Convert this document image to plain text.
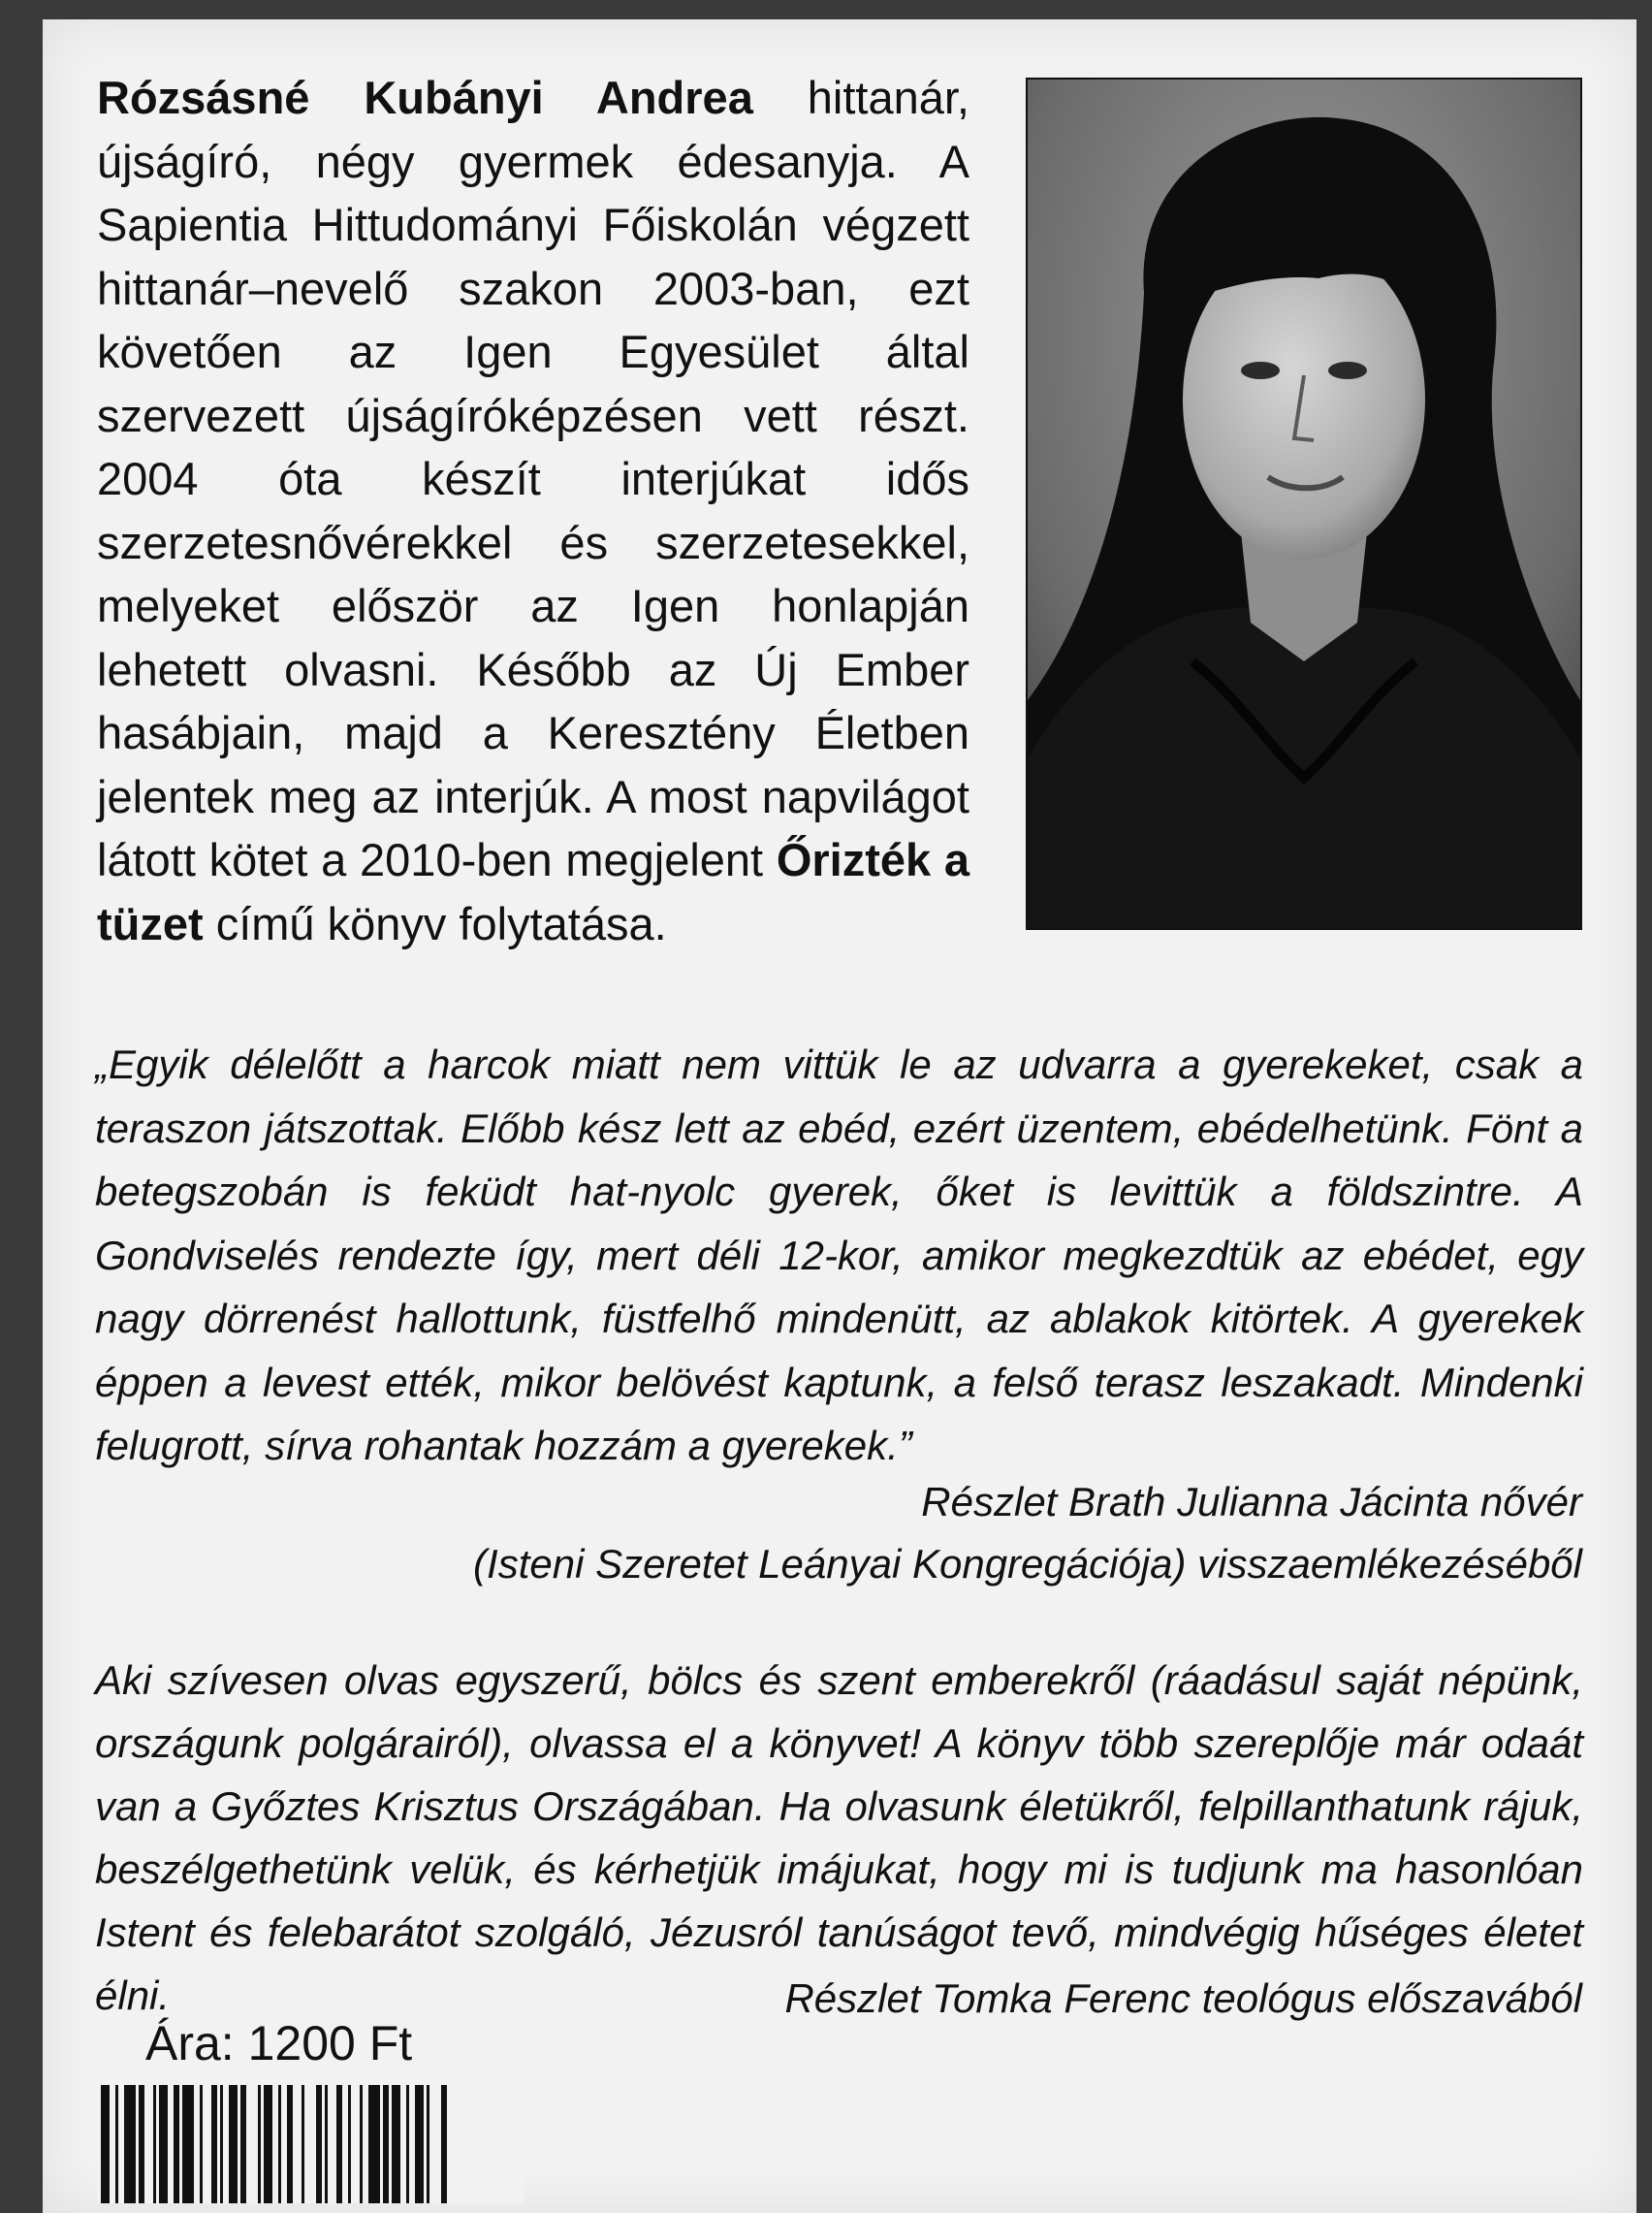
Rózsásné Kubányi Andrea hittanár, újságíró, négy gyermek édesanyja. A Sapientia Hittudományi Főiskolán végzett hittanár–nevelő szakon 2003-ban, ezt követően az Igen Egyesület által szervezett újságíróképzésen vett részt. 2004 óta készít interjúkat idős szerzetesnővérekkel és szerzetesekkel, melyeket először az Igen honlapján lehetett olvasni. Később az Új Ember hasábjain, majd a Keresztény Életben jelentek meg az interjúk. A most napvilágot látott kötet a 2010-ben megjelent Őrizték a tüzet című könyv folytatása.

„Egyik délelőtt a harcok miatt nem vittük le az udvarra a gyerekeket, csak a teraszon játszottak. Előbb kész lett az ebéd, ezért üzentem, ebédelhetünk. Fönt a betegszobán is feküdt hat-nyolc gyerek, őket is levittük a földszintre. A Gondviselés rendezte így, mert déli 12-kor, amikor megkezdtük az ebédet, egy nagy dörrenést hallottunk, füstfelhő mindenütt, az ablakok kitörtek. A gyerekek éppen a levest ették, mikor belövést kaptunk, a felső terasz leszakadt. Mindenki felugrott, sírva rohantak hozzám a gyerekek.”

Részlet Brath Julianna Jácinta nővér
(Isteni Szeretet Leányai Kongregációja) visszaemlékezéséből

Aki szívesen olvas egyszerű, bölcs és szent emberekről (ráadásul saját népünk, országunk polgárairól), olvassa el a könyvet! A könyv több szereplője már odaát van a Győztes Krisztus Országában. Ha olvasunk életükről, felpillanthatunk rájuk, beszélgethetünk velük, és kérhetjük imájukat, hogy mi is tudjunk ma hasonlóan Istent és felebarátot szolgáló, Jézusról tanúságot tevő, mindvégig hűséges életet élni.	Részlet Tomka Ferenc teológus előszavából
Ára: 1200 Ft
